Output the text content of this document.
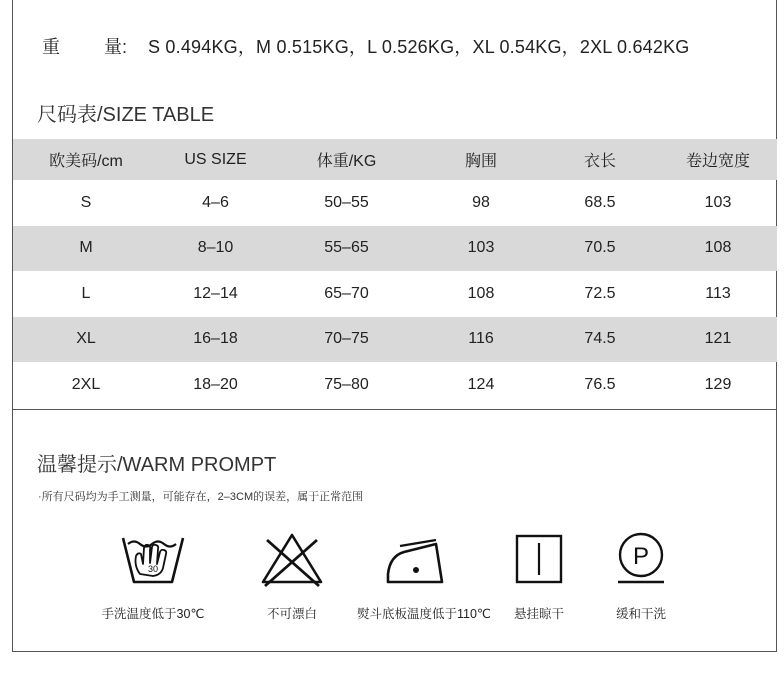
重 量: S 0.494KG，M 0.515KG，L 0.526KG，XL 0.54KG，2XL 0.642KG
尺码表/SIZE TABLE
欧美码/cm	US SIZE	体重/KG	胸围	衣长	卷边宽度
S	4–6	50–55	98	68.5	103
M	8–10	55–65	103	70.5	108
L	12–14	65–70	108	72.5	113
XL	16–18	70–75	116	74.5	121
2XL	18–20	75–80	124	76.5	129
温馨提示/WARM PROMPT
·所有尺码均为手工测量，可能存在，2–3CM的误差，属于正常范围
30
手洗温度低于30℃	不可漂白	熨斗底板温度低于110℃	悬挂晾干
P
缓和干洗
